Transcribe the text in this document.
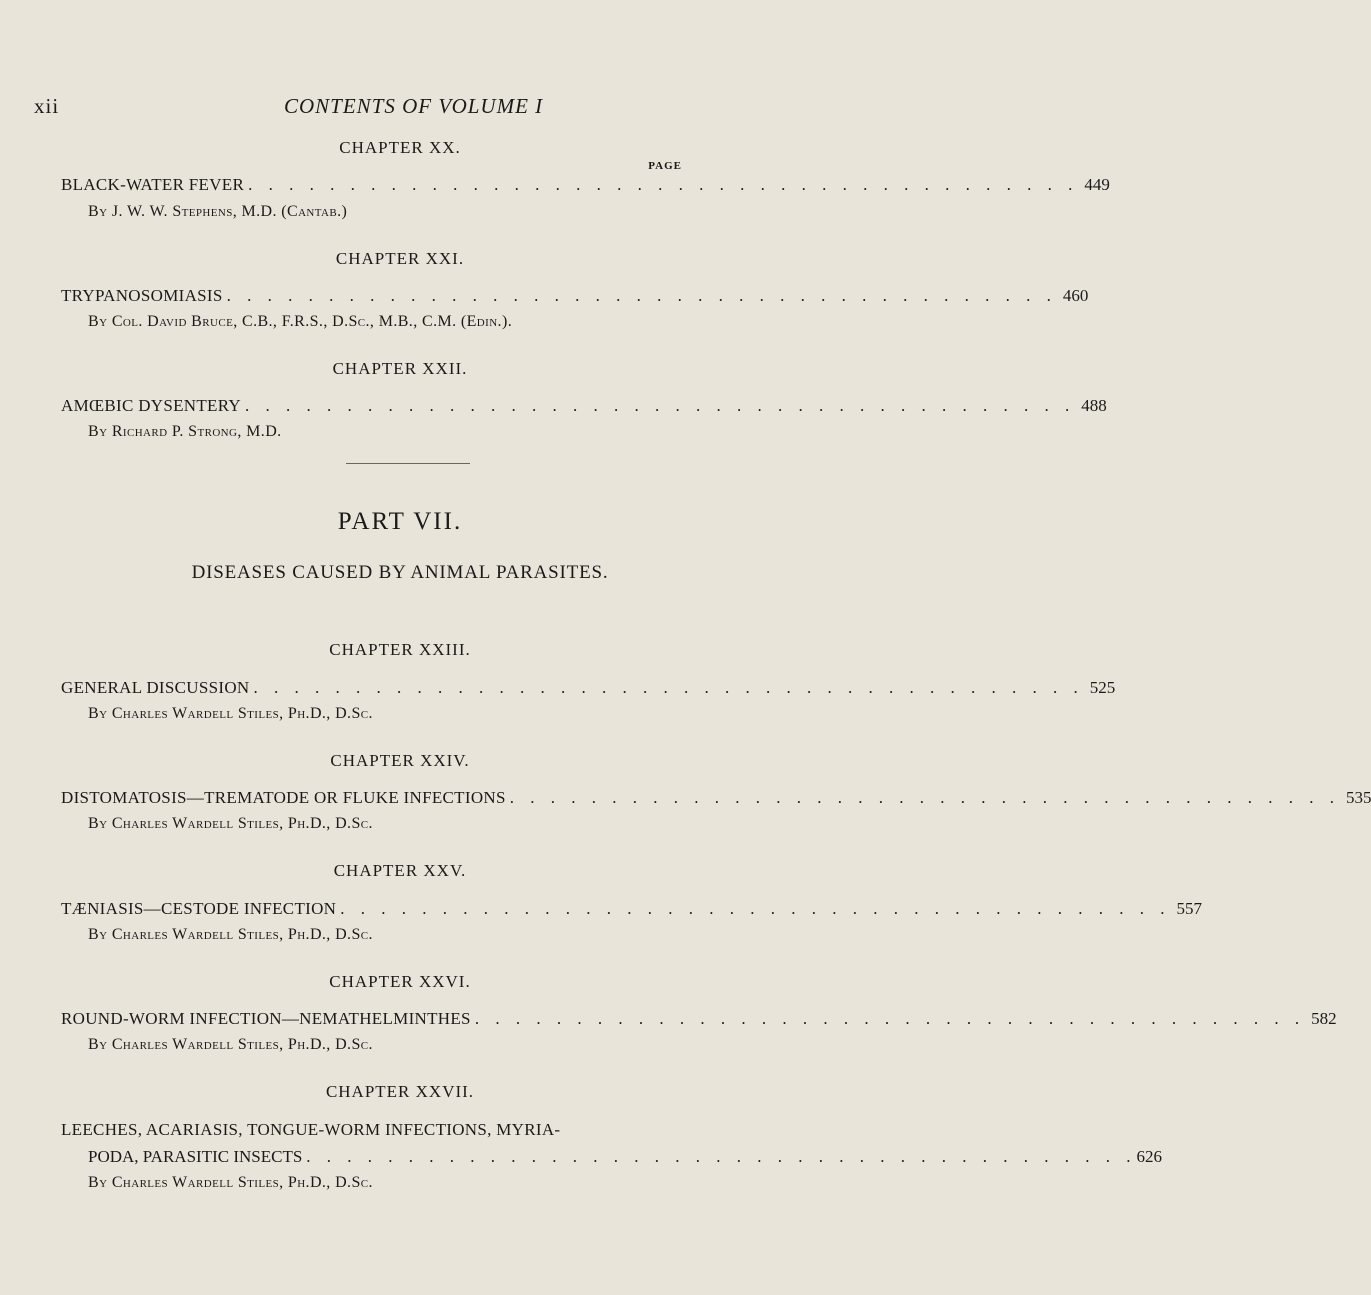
xii	CONTENTS OF VOLUME I
CHAPTER XX.
PAGE
BLACK-WATER FEVER . . . . . . . . . . . . . . . . . . . . . . . . . . . . . . . . . . . . . . . . . 449
By J. W. W. Stephens, M.D. (Cantab.)
CHAPTER XXI.
TRYPANOSOMIASIS . . . . . . . . . . . . . . . . . . . . . . . . . . . . . . . . . . . . . . . . . 460
By Col. David Bruce, C.B., F.R.S., D.Sc., M.B., C.M. (Edin.).
CHAPTER XXII.
AMŒBIC DYSENTERY . . . . . . . . . . . . . . . . . . . . . . . . . . . . . . . . . . . . . . . . . 488
By Richard P. Strong, M.D.
PART VII.
DISEASES CAUSED BY ANIMAL PARASITES.
CHAPTER XXIII.
GENERAL DISCUSSION . . . . . . . . . . . . . . . . . . . . . . . . . . . . . . . . . . . . . . . . . 525
By Charles Wardell Stiles, Ph.D., D.Sc.
CHAPTER XXIV.
DISTOMATOSIS—TREMATODE OR FLUKE INFECTIONS . . . . . . . . . . . . . . . . . . . . . . . . . . . . . . . . . . . . . . . . . 535
By Charles Wardell Stiles, Ph.D., D.Sc.
CHAPTER XXV.
TÆNIASIS—CESTODE INFECTION . . . . . . . . . . . . . . . . . . . . . . . . . . . . . . . . . . . . . . . . . 557
By Charles Wardell Stiles, Ph.D., D.Sc.
CHAPTER XXVI.
ROUND-WORM INFECTION—NEMATHELMINTHES . . . . . . . . . . . . . . . . . . . . . . . . . . . . . . . . . . . . . . . . . 582
By Charles Wardell Stiles, Ph.D., D.Sc.
CHAPTER XXVII.
LEECHES, ACARIASIS, TONGUE-WORM INFECTIONS, MYRIA-
PODA, PARASITIC INSECTS . . . . . . . . . . . . . . . . . . . . . . . . . . . . . . . . . . . . . . . . . 626
By Charles Wardell Stiles, Ph.D., D.Sc.
